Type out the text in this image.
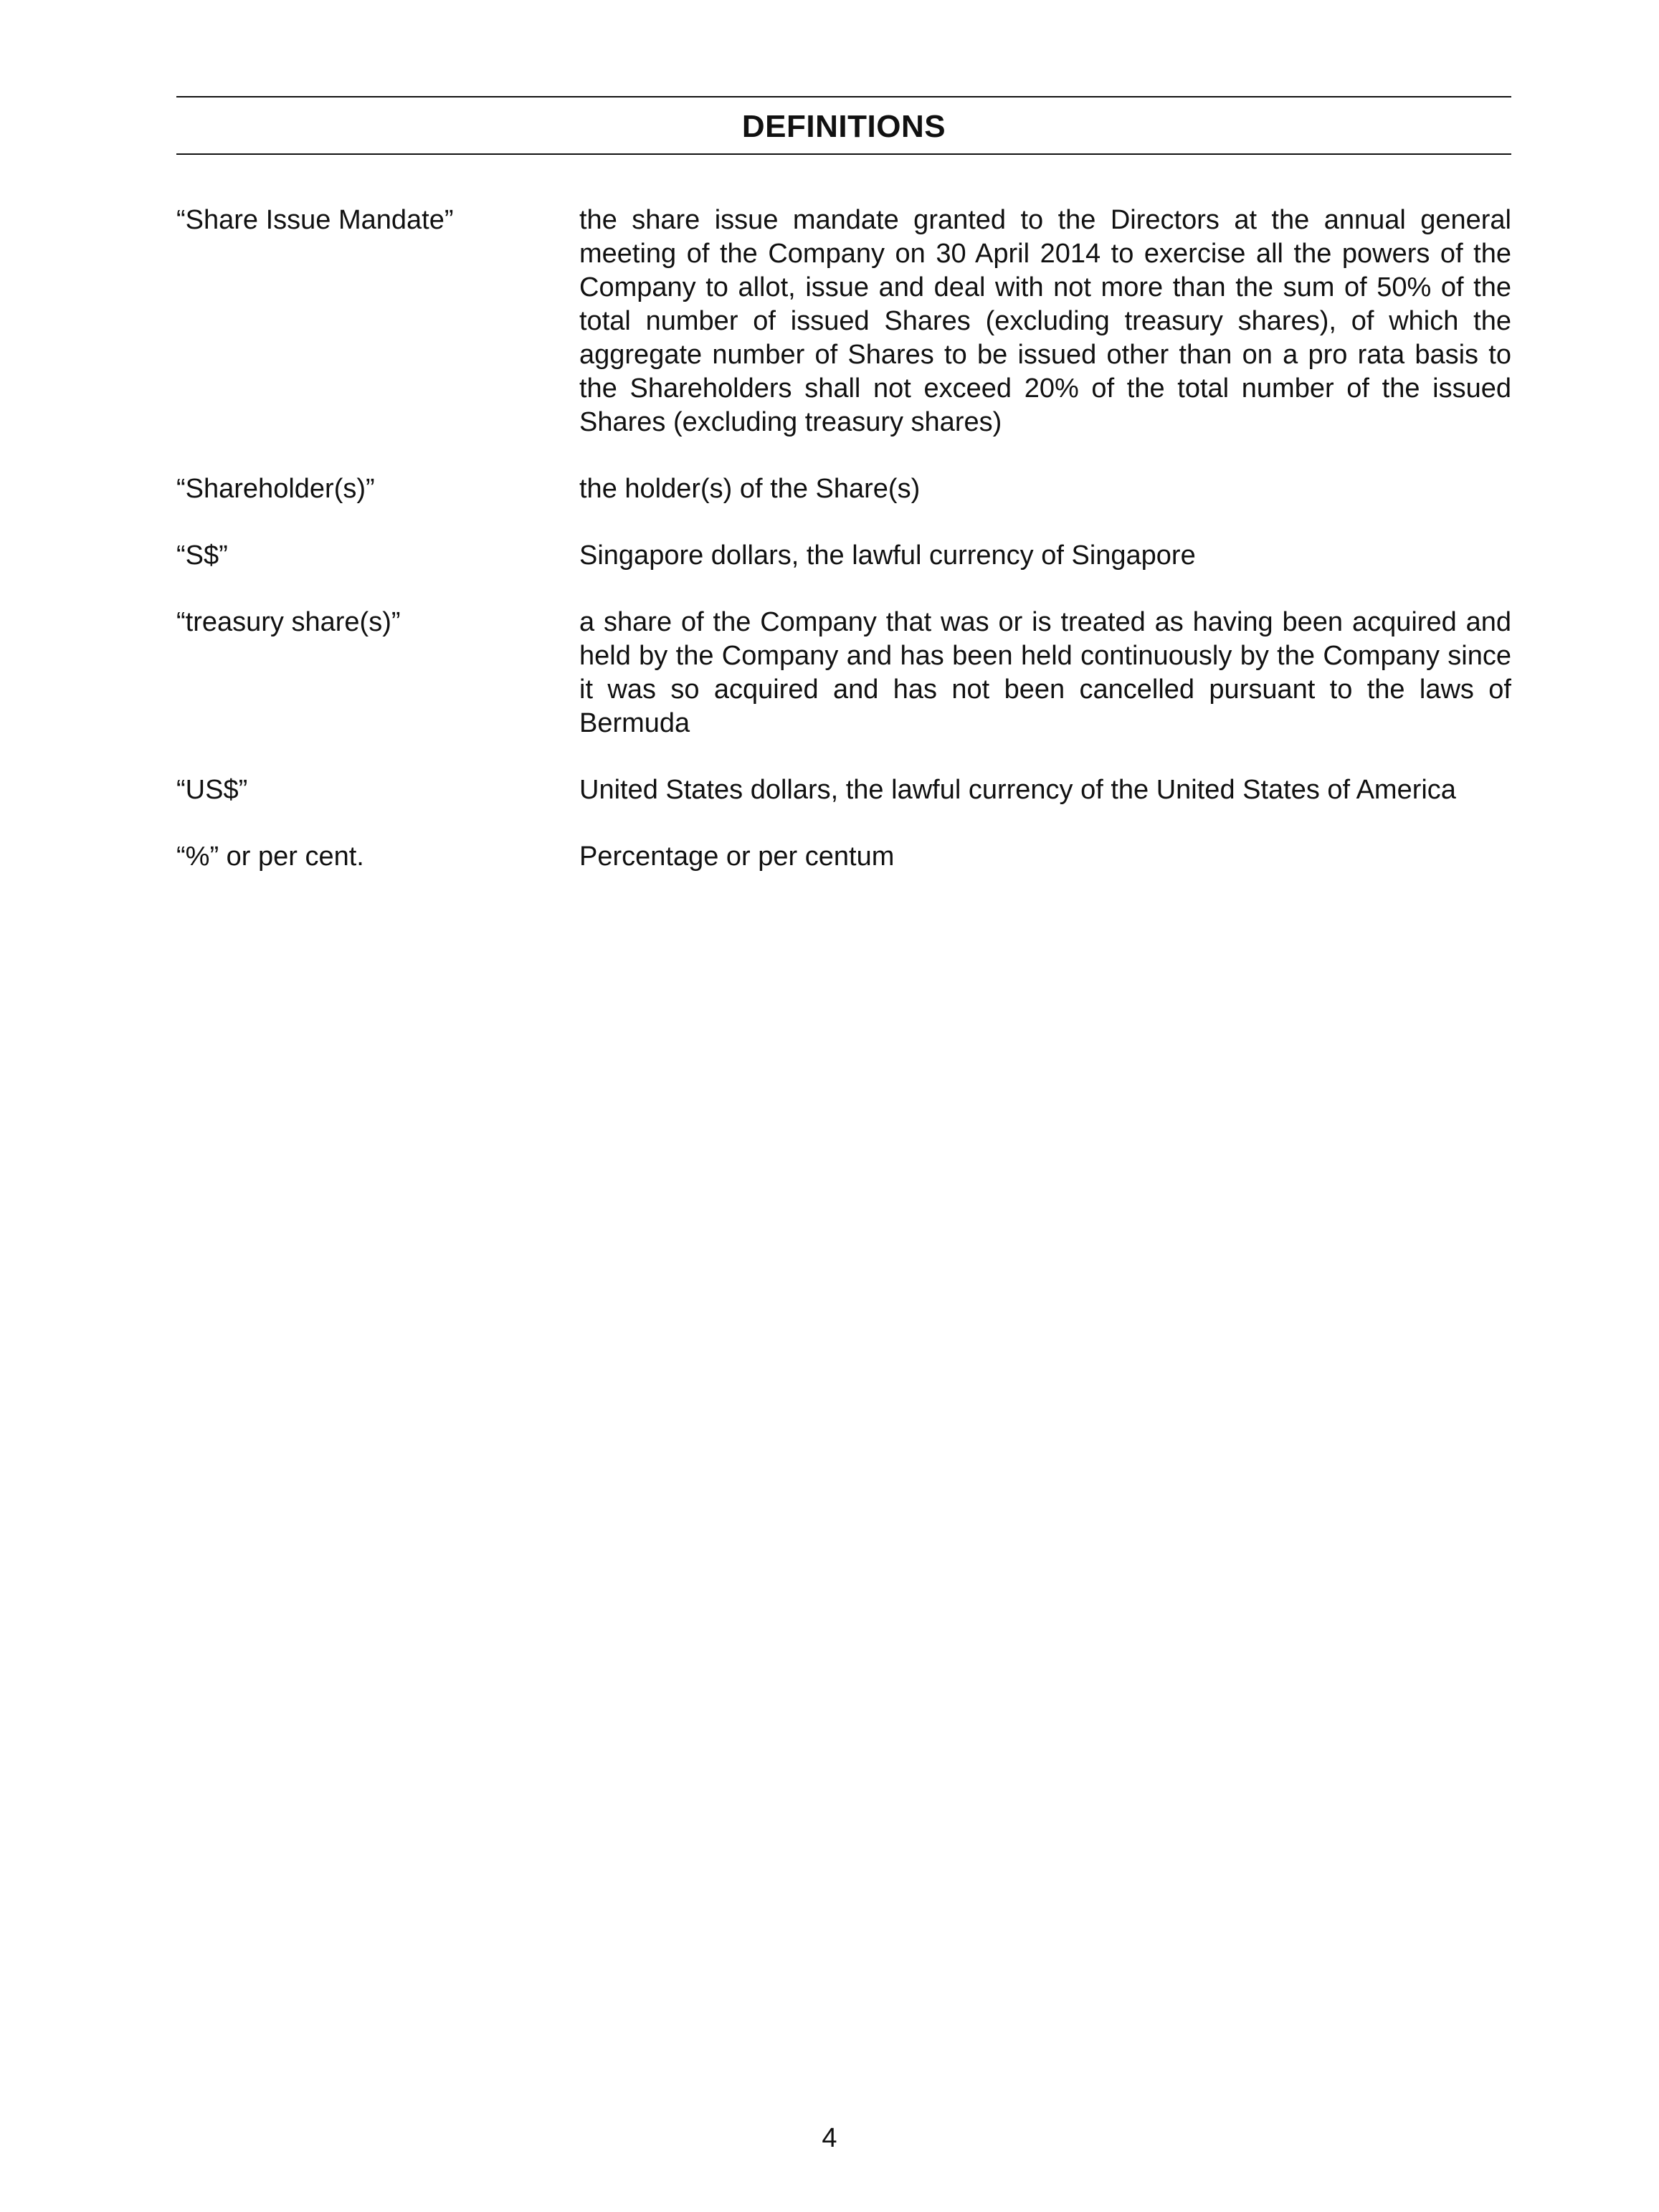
DEFINITIONS
“Share Issue Mandate”	the share issue mandate granted to the Directors at the annual general meeting of the Company on 30 April 2014 to exercise all the powers of the Company to allot, issue and deal with not more than the sum of 50% of the total number of issued Shares (excluding treasury shares), of which the aggregate number of Shares to be issued other than on a pro rata basis to the Shareholders shall not exceed 20% of the total number of the issued Shares (excluding treasury shares)
“Shareholder(s)”	the holder(s) of the Share(s)
“S$”	Singapore dollars, the lawful currency of Singapore
“treasury share(s)”	a share of the Company that was or is treated as having been acquired and held by the Company and has been held continuously by the Company since it was so acquired and has not been cancelled pursuant to the laws of Bermuda
“US$”	United States dollars, the lawful currency of the United States of America
“%” or per cent.	Percentage or per centum
4
